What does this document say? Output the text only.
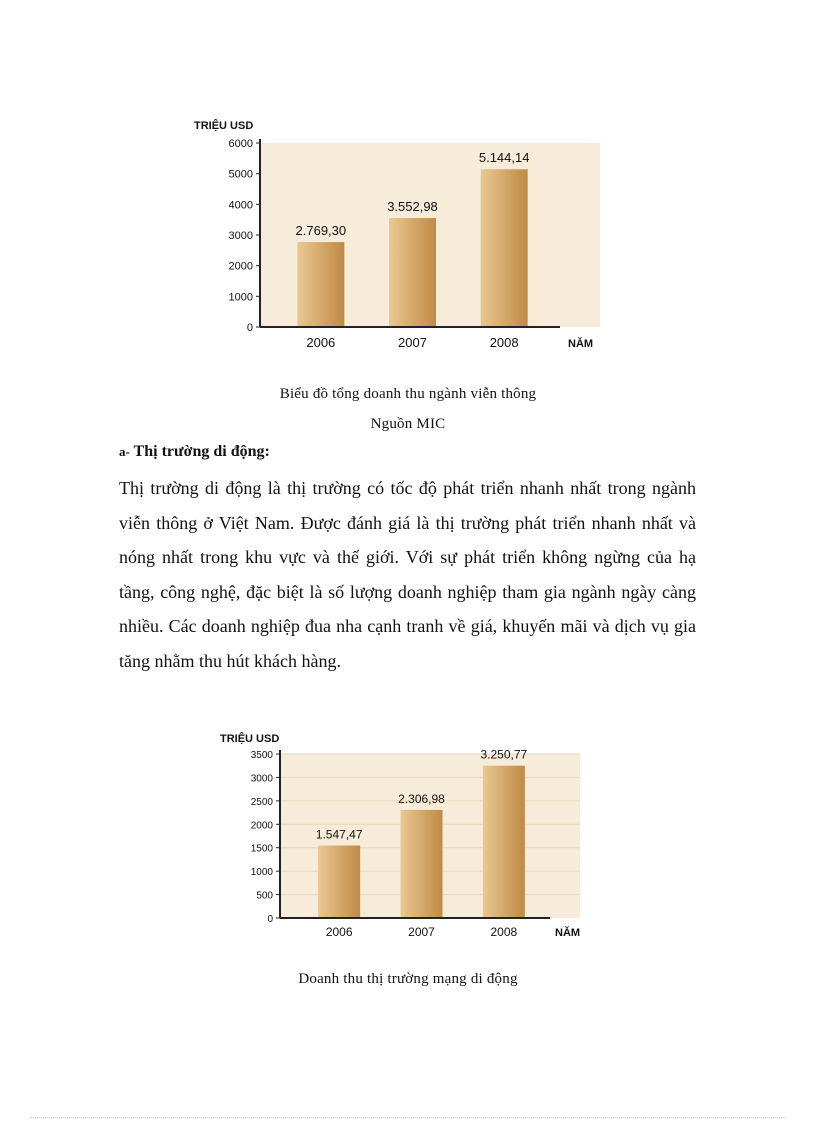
0
1000
2000
3000
4000
5000
6000
TRIỆU USD
2.769,30
2006
3.552,98
2007
5.144,14
2008	NĂM
Biểu đồ tổng doanh thu ngành viễn thông
Nguồn MIC
a- Thị trường di động:

Thị trường di động là thị trường có tốc độ phát triển nhanh nhất trong ngành viễn thông ở Việt Nam. Được đánh giá là thị trường phát triển nhanh nhất và nóng nhất trong khu vực và thế giới. Với sự phát triển không ngừng của hạ tầng, công nghệ, đặc biệt là số lượng doanh nghiệp tham gia ngành ngày càng nhiều. Các doanh nghiệp đua nha cạnh tranh về giá, khuyến mãi và dịch vụ gia tăng nhằm thu hút khách hàng.

0
500
1000
1500
2000
2500
3000
3500
TRIỆU USD
1.547,47
2006
2.306,98
2007
3.250,77
2008	NĂM
Doanh thu thị trường mạng di động
